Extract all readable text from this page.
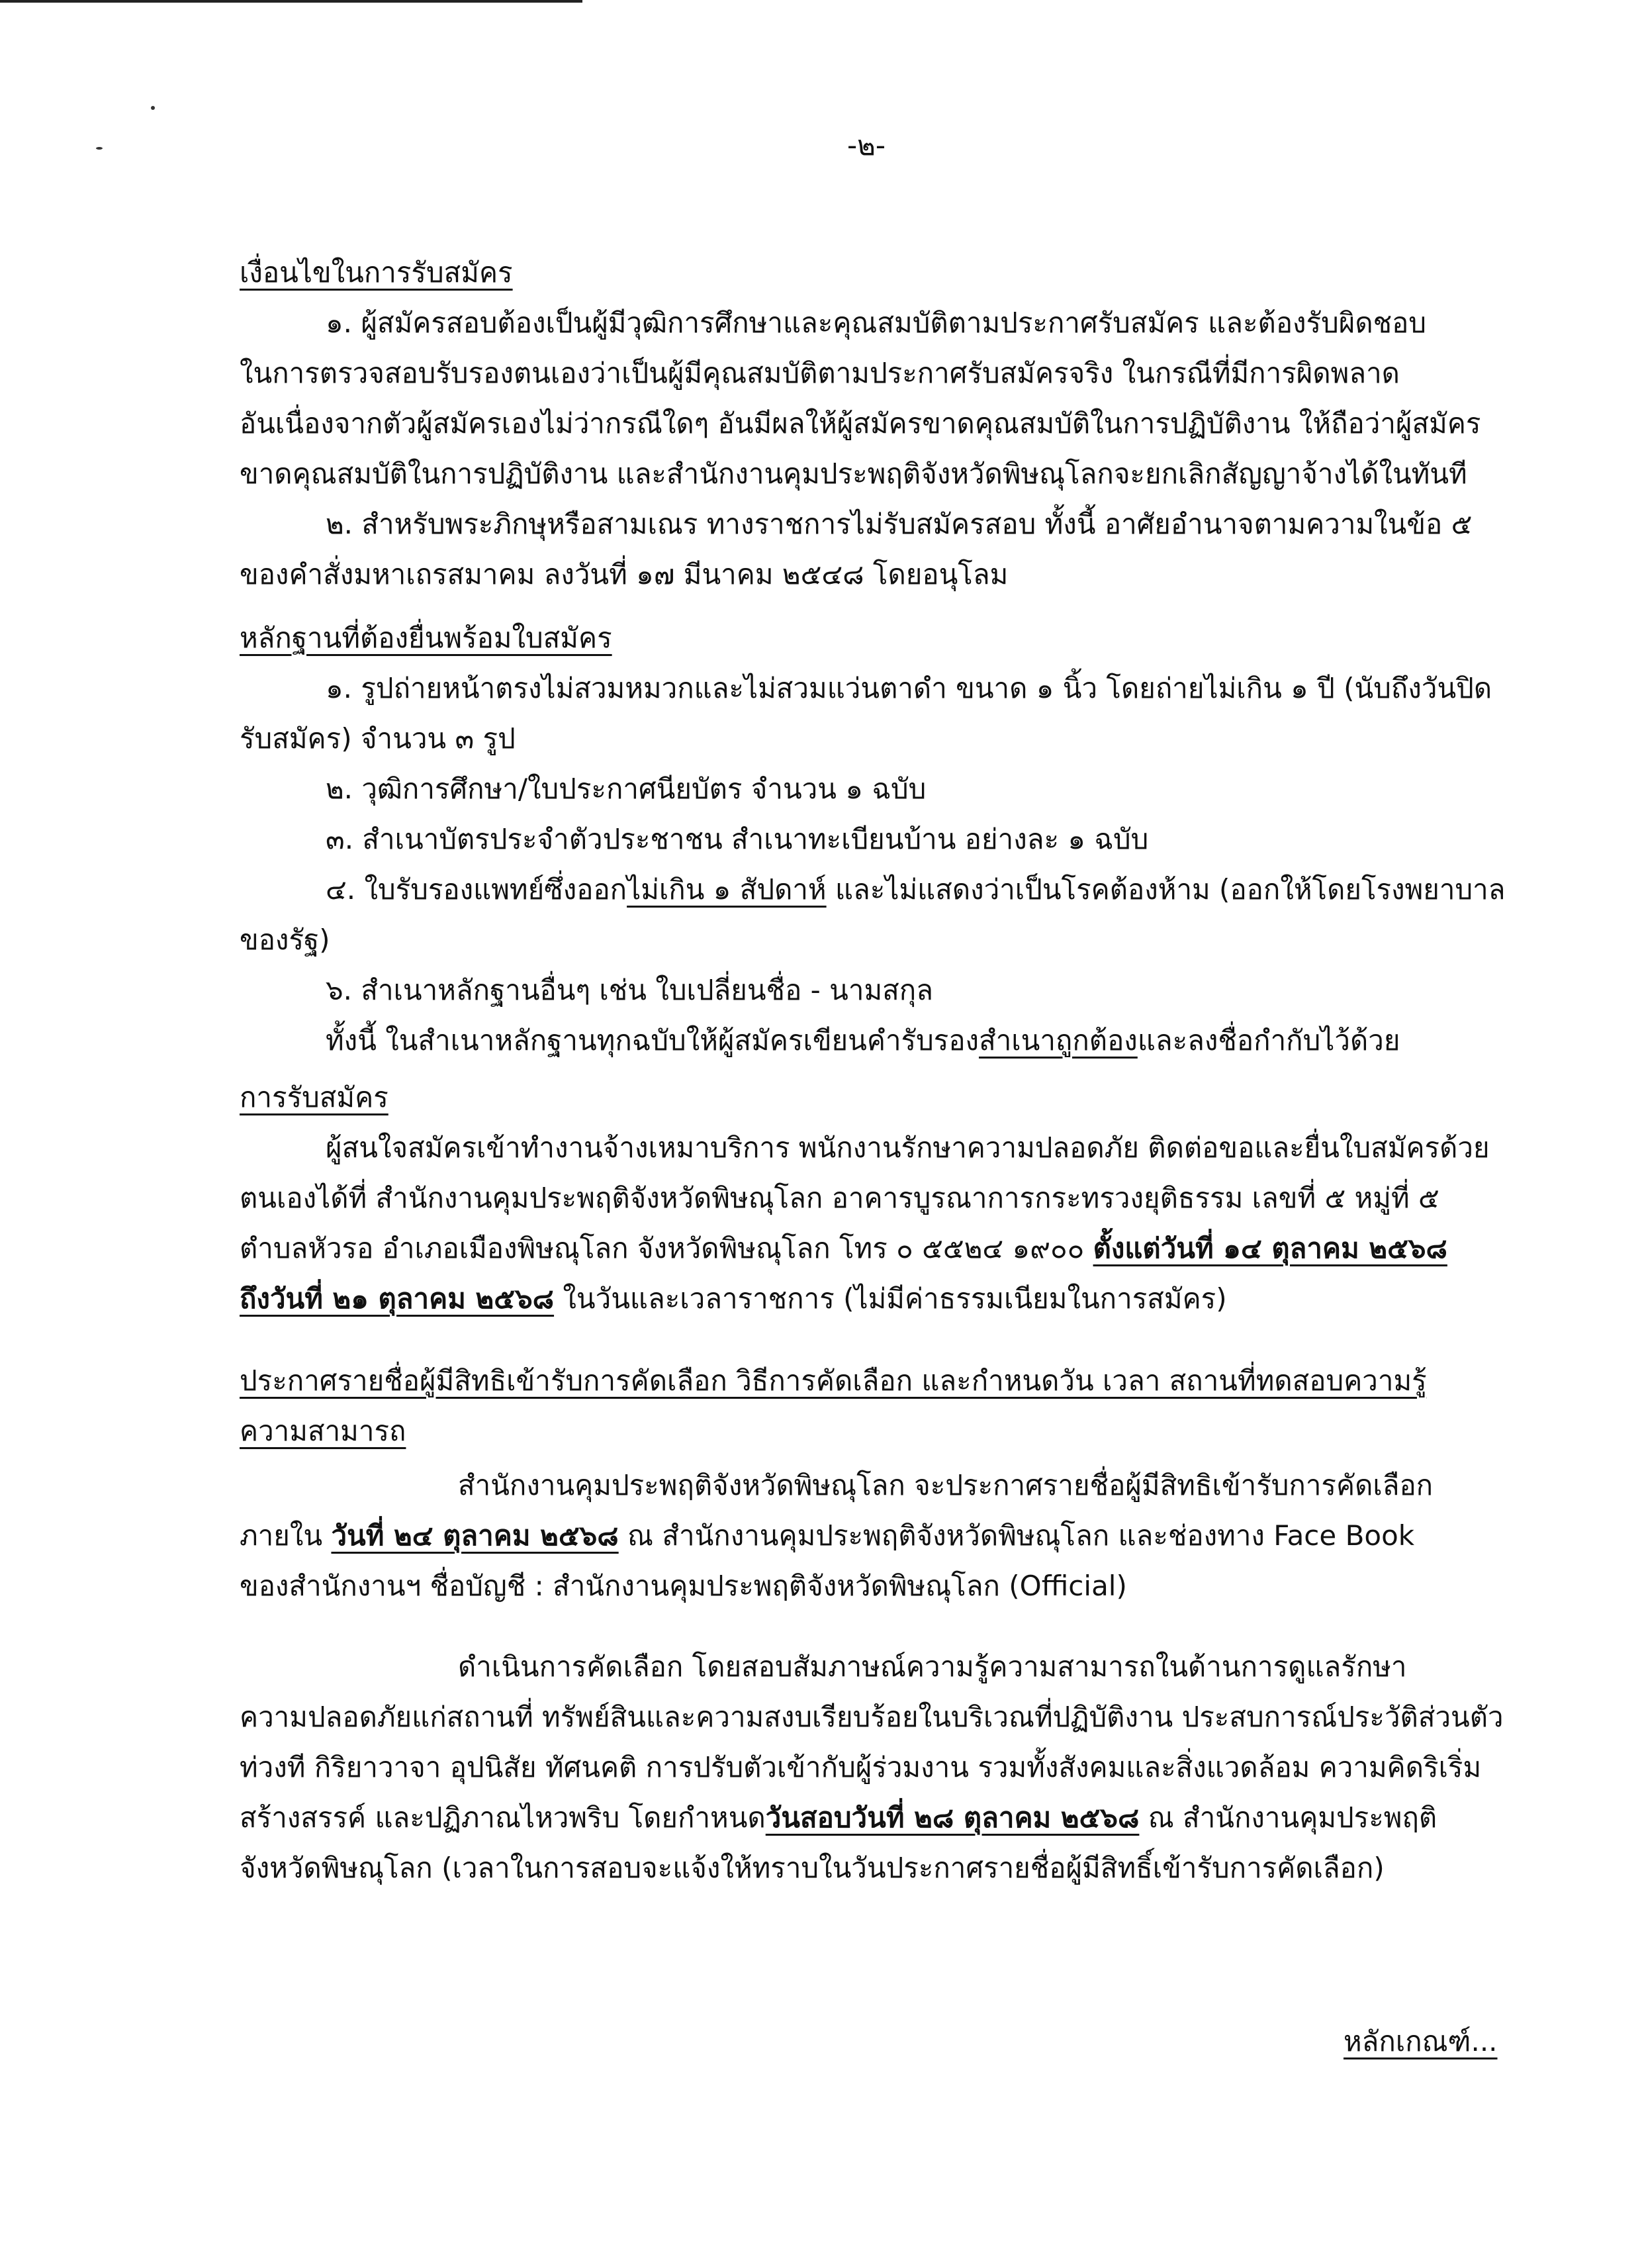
-๒-
เงื่อนไขในการรับสมัคร
๑. ผู้สมัครสอบต้องเป็นผู้มีวุฒิการศึกษาและคุณสมบัติตามประกาศรับสมัคร และต้องรับผิดชอบ
ในการตรวจสอบรับรองตนเองว่าเป็นผู้มีคุณสมบัติตามประกาศรับสมัครจริง ในกรณีที่มีการผิดพลาด
อันเนื่องจากตัวผู้สมัครเองไม่ว่ากรณีใดๆ อันมีผลให้ผู้สมัครขาดคุณสมบัติในการปฏิบัติงาน ให้ถือว่าผู้สมัคร
ขาดคุณสมบัติในการปฏิบัติงาน และสำนักงานคุมประพฤติจังหวัดพิษณุโลกจะยกเลิกสัญญาจ้างได้ในทันที
๒. สำหรับพระภิกษุหรือสามเณร ทางราชการไม่รับสมัครสอบ ทั้งนี้ อาศัยอำนาจตามความในข้อ ๕
ของคำสั่งมหาเถรสมาคม ลงวันที่ ๑๗ มีนาคม ๒๕๔๘ โดยอนุโลม
หลักฐานที่ต้องยื่นพร้อมใบสมัคร
๑. รูปถ่ายหน้าตรงไม่สวมหมวกและไม่สวมแว่นตาดำ ขนาด ๑ นิ้ว โดยถ่ายไม่เกิน ๑ ปี (นับถึงวันปิด
รับสมัคร) จำนวน ๓ รูป
๒. วุฒิการศึกษา/ใบประกาศนียบัตร จำนวน ๑ ฉบับ
๓. สำเนาบัตรประจำตัวประชาชน สำเนาทะเบียนบ้าน อย่างละ ๑ ฉบับ
๔. ใบรับรองแพทย์ซึ่งออกไม่เกิน ๑ สัปดาห์ และไม่แสดงว่าเป็นโรคต้องห้าม (ออกให้โดยโรงพยาบาล
ของรัฐ)
๖. สำเนาหลักฐานอื่นๆ เช่น ใบเปลี่ยนชื่อ - นามสกุล
ทั้งนี้ ในสำเนาหลักฐานทุกฉบับให้ผู้สมัครเขียนคำรับรองสำเนาถูกต้องและลงชื่อกำกับไว้ด้วย
การรับสมัคร
ผู้สนใจสมัครเข้าทำงานจ้างเหมาบริการ พนักงานรักษาความปลอดภัย ติดต่อขอและยื่นใบสมัครด้วย
ตนเองได้ที่ สำนักงานคุมประพฤติจังหวัดพิษณุโลก อาคารบูรณาการกระทรวงยุติธรรม เลขที่ ๕ หมู่ที่ ๕
ตำบลหัวรอ อำเภอเมืองพิษณุโลก จังหวัดพิษณุโลก โทร ๐ ๕๕๒๔ ๑๙๐๐ ตั้งแต่วันที่ ๑๔ ตุลาคม ๒๕๖๘
ถึงวันที่ ๒๑ ตุลาคม ๒๕๖๘ ในวันและเวลาราชการ (ไม่มีค่าธรรมเนียมในการสมัคร)
ประกาศรายชื่อผู้มีสิทธิเข้ารับการคัดเลือก วิธีการคัดเลือก และกำหนดวัน เวลา สถานที่ทดสอบความรู้
ความสามารถ
สำนักงานคุมประพฤติจังหวัดพิษณุโลก จะประกาศรายชื่อผู้มีสิทธิเข้ารับการคัดเลือก
ภายใน วันที่ ๒๔ ตุลาคม ๒๕๖๘ ณ สำนักงานคุมประพฤติจังหวัดพิษณุโลก และช่องทาง Face Book
ของสำนักงานฯ ชื่อบัญชี : สำนักงานคุมประพฤติจังหวัดพิษณุโลก (Official)
ดำเนินการคัดเลือก โดยสอบสัมภาษณ์ความรู้ความสามารถในด้านการดูแลรักษา
ความปลอดภัยแก่สถานที่ ทรัพย์สินและความสงบเรียบร้อยในบริเวณที่ปฏิบัติงาน ประสบการณ์ประวัติส่วนตัว
ท่วงที กิริยาวาจา อุปนิสัย ทัศนคติ การปรับตัวเข้ากับผู้ร่วมงาน รวมทั้งสังคมและสิ่งแวดล้อม ความคิดริเริ่ม
สร้างสรรค์ และปฏิภาณไหวพริบ โดยกำหนดวันสอบวันที่ ๒๘ ตุลาคม ๒๕๖๘ ณ สำนักงานคุมประพฤติ
จังหวัดพิษณุโลก (เวลาในการสอบจะแจ้งให้ทราบในวันประกาศรายชื่อผู้มีสิทธิ์เข้ารับการคัดเลือก)
หลักเกณฑ์...
